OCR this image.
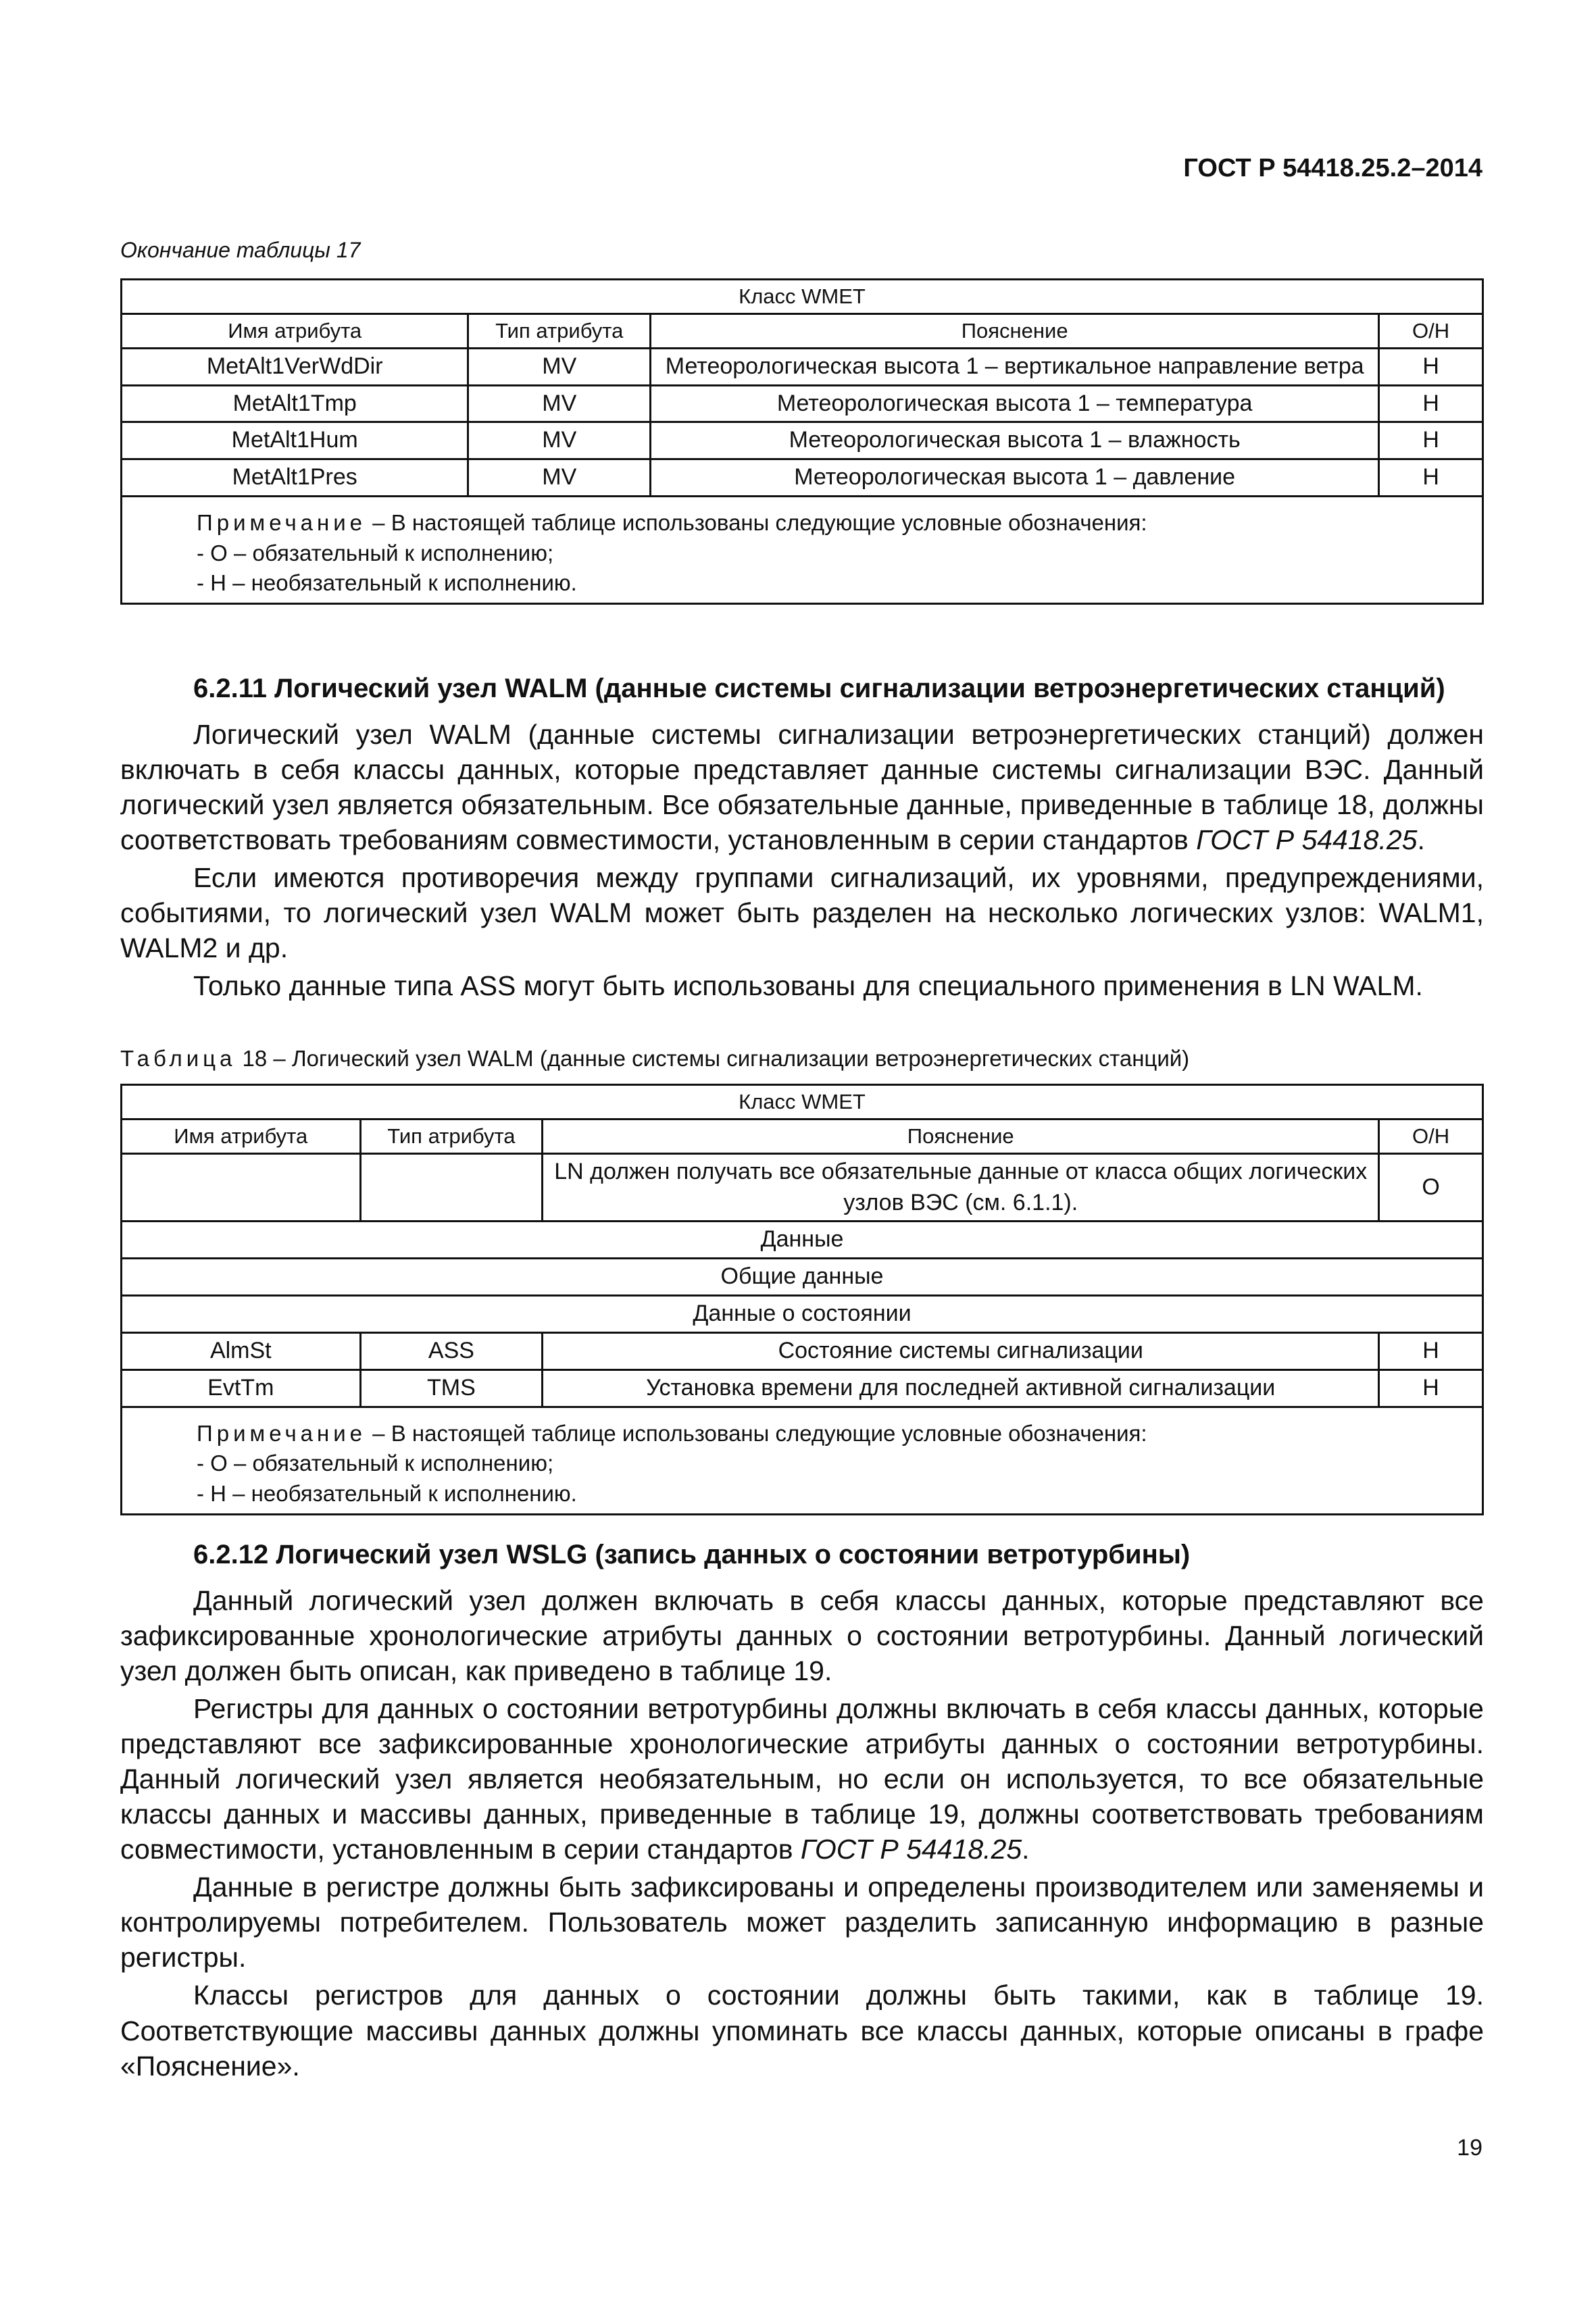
ГОСТ Р 54418.25.2–2014
Окончание таблицы 17
Класс WMET			
Имя атрибута	Тип атрибута	Пояснение	О/Н
MetAlt1VerWdDir	MV	Метеорологическая высота 1 – вертикальное направление ветра	Н
MetAlt1Tmp	MV	Метеорологическая высота 1 – температура	Н
MetAlt1Hum	MV	Метеорологическая высота 1 – влажность	Н
MetAlt1Pres	MV	Метеорологическая высота 1 – давление	Н
Примечание – В настоящей таблице использованы следующие условные обозначения:
- О – обязательный к исполнению;
- Н – необязательный к исполнению.			
6.2.11 Логический узел WALM (данные системы сигнализации ветроэнергетических станций)

Логический узел WALM (данные системы сигнализации ветроэнергетических станций) должен включать в себя классы данных, которые представляет данные системы сигнализации ВЭС. Данный логический узел является обязательным. Все обязательные данные, приведенные в таблице 18, должны соответствовать требованиям совместимости, установленным в серии стандартов ГОСТ Р 54418.25.

Если имеются противоречия между группами сигнализаций, их уровнями, предупреждениями, событиями, то логический узел WALM может быть разделен на несколько логических узлов: WALM1, WALM2 и др.

Только данные типа ASS могут быть использованы для специального применения в LN WALM.

Таблица 18 – Логический узел WALM (данные системы сигнализации ветроэнергетических станций)
Класс WMET			
Имя атрибута	Тип атрибута	Пояснение	О/Н
		LN должен получать все обязательные данные от класса общих логических узлов ВЭС (см. 6.1.1).	О
Данные			
Общие данные			
Данные о состоянии			
AlmSt	ASS	Состояние системы сигнализации	Н
EvtTm	TMS	Установка времени для последней активной сигнализации	Н
Примечание – В настоящей таблице использованы следующие условные обозначения:
- О – обязательный к исполнению;
- Н – необязательный к исполнению.			
6.2.12 Логический узел WSLG (запись данных о состоянии ветротурбины)

Данный логический узел должен включать в себя классы данных, которые представляют все зафиксированные хронологические атрибуты данных о состоянии ветротурбины. Данный логический узел должен быть описан, как приведено в таблице 19.

Регистры для данных о состоянии ветротурбины должны включать в себя классы данных, которые представляют все зафиксированные хронологические атрибуты данных о состоянии ветротурбины. Данный логический узел является необязательным, но если он используется, то все обязательные классы данных и массивы данных, приведенные в таблице 19, должны соответствовать требованиям совместимости, установленным в серии стандартов ГОСТ Р 54418.25.

Данные в регистре должны быть зафиксированы и определены производителем или заменяемы и контролируемы потребителем. Пользователь может разделить записанную информацию в разные регистры.

Классы регистров для данных о состоянии должны быть такими, как в таблице 19. Соответствующие массивы данных должны упоминать все классы данных, которые описаны в графе «Пояснение».

19
